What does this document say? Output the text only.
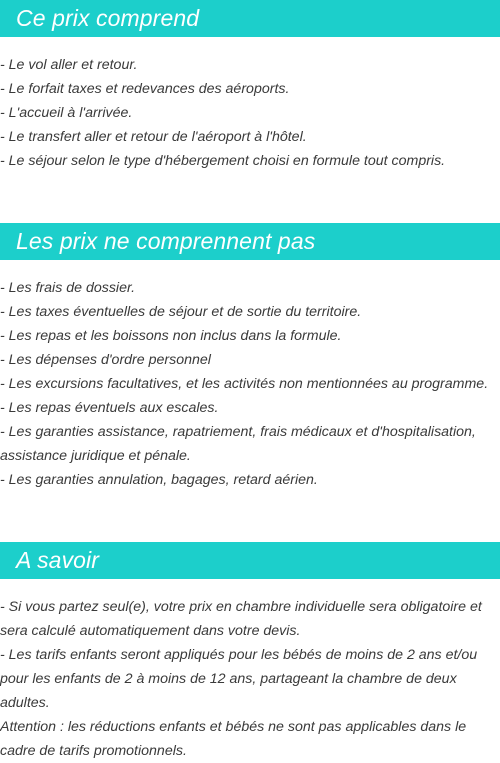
Ce prix comprend
- Le vol aller et retour.
- Le forfait taxes et redevances des aéroports.
- L'accueil à l'arrivée.
- Le transfert aller et retour de l'aéroport à l'hôtel.
- Le séjour selon le type d'hébergement choisi en formule tout compris.
Les prix ne comprennent pas
- Les frais de dossier.
- Les taxes éventuelles de séjour et de sortie du territoire.
- Les repas et les boissons non inclus dans la formule.
- Les dépenses d'ordre personnel
- Les excursions facultatives, et les activités non mentionnées au programme.
- Les repas éventuels aux escales.
- Les garanties assistance, rapatriement, frais médicaux et d'hospitalisation, assistance juridique et pénale.
- Les garanties annulation, bagages, retard aérien.
A savoir
- Si vous partez seul(e), votre prix en chambre individuelle sera obligatoire et sera calculé automatiquement dans votre devis.
- Les tarifs enfants seront appliqués pour les bébés de moins de 2 ans et/ou pour les enfants de 2 à moins de 12 ans, partageant la chambre de deux adultes.
Attention : les réductions enfants et bébés ne sont pas applicables dans le cadre de tarifs promotionnels.
